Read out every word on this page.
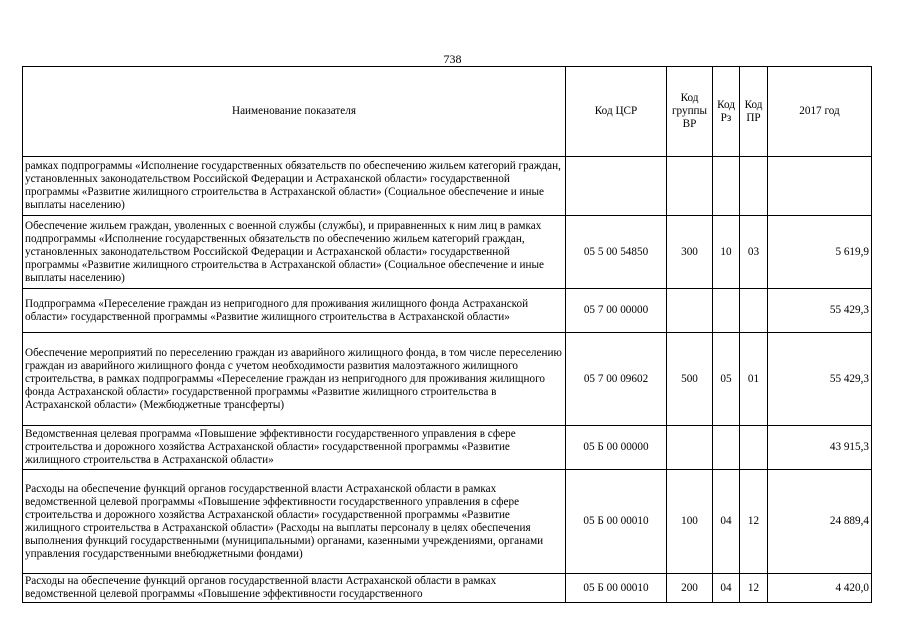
738
Наименование показателя	Код ЦСР	Код группы ВР	Код Рз	Код ПР	2017 год
рамках подпрограммы «Исполнение государственных обязательств по обеспечению жильем категорий граждан, установленных законодательством Российской Федерации и Астраханской области» государственной программы «Развитие жилищного строительства в Астраханской области» (Социальное обеспечение и иные выплаты населению)					
Обеспечение жильем граждан, уволенных с военной службы (службы), и приравненных к ним лиц в рамках подпрограммы «Исполнение государственных обязательств по обеспечению жильем категорий граждан, установленных законодательством Российской Федерации и Астраханской области» государственной программы «Развитие жилищного строительства в Астраханской области» (Социальное обеспечение и иные выплаты населению)	05 5 00 54850	300	10	03	5 619,9
Подпрограмма «Переселение граждан из непригодного для проживания жилищного фонда Астраханской области» государственной программы «Развитие жилищного строительства в Астраханской области»	05 7 00 00000				55 429,3
Обеспечение мероприятий по переселению граждан из аварийного жилищного фонда, в том числе переселению граждан из аварийного жилищного фонда с учетом необходимости развития малоэтажного жилищного строительства, в рамках подпрограммы «Переселение граждан из непригодного для проживания жилищного фонда Астраханской области» государственной программы «Развитие жилищного строительства в Астраханской области» (Межбюджетные трансферты)	05 7 00 09602	500	05	01	55 429,3
Ведомственная целевая программа «Повышение эффективности государственного управления в сфере строительства и дорожного хозяйства Астраханской области» государственной программы «Развитие жилищного строительства в Астраханской области»	05 Б 00 00000				43 915,3
Расходы на обеспечение функций органов государственной власти Астраханской области в рамках ведомственной целевой программы «Повышение эффективности государственного управления в сфере строительства и дорожного хозяйства Астраханской области» государственной программы «Развитие жилищного строительства в Астраханской области» (Расходы на выплаты персоналу в целях обеспечения выполнения функций государственными (муниципальными) органами, казенными учреждениями, органами управления государственными внебюджетными фондами)	05 Б 00 00010	100	04	12	24 889,4
Расходы на обеспечение функций органов государственной власти Астраханской области в рамках ведомственной целевой программы «Повышение эффективности государственного	05 Б 00 00010	200	04	12	4 420,0
